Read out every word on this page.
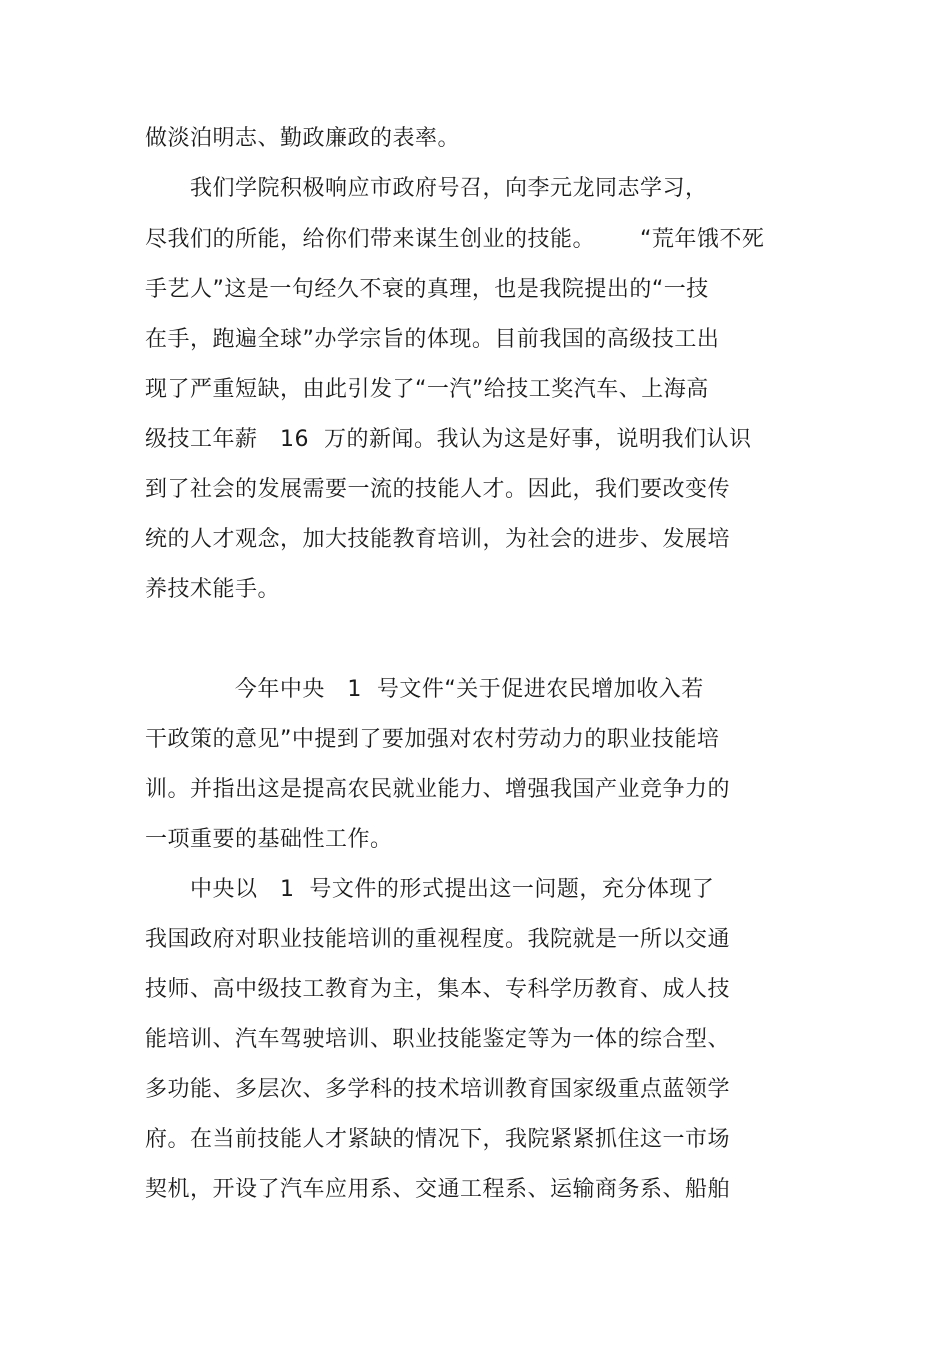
做淡泊明志、勤政廉政的表率。
我们学院积极响应市政府号召，向李元龙同志学习，
尽我们的所能，给你们带来谋生创业的技能。      “荒年饿不死
手艺人”这是一句经久不衰的真理，也是我院提出的“一技
在手，跑遍全球”办学宗旨的体现。目前我国的高级技工出
现了严重短缺，由此引发了“一汽”给技工奖汽车、上海高
级技工年薪   16  万的新闻。我认为这是好事，说明我们认识
到了社会的发展需要一流的技能人才。因此，我们要改变传
统的人才观念，加大技能教育培训，为社会的进步、发展培
养技术能手。
今年中央   1  号文件“关于促进农民增加收入若
干政策的意见”中提到了要加强对农村劳动力的职业技能培
训。并指出这是提高农民就业能力、增强我国产业竞争力的
一项重要的基础性工作。
中央以   1  号文件的形式提出这一问题，充分体现了
我国政府对职业技能培训的重视程度。我院就是一所以交通
技师、高中级技工教育为主，集本、专科学历教育、成人技
能培训、汽车驾驶培训、职业技能鉴定等为一体的综合型、
多功能、多层次、多学科的技术培训教育国家级重点蓝领学
府。在当前技能人才紧缺的情况下，我院紧紧抓住这一市场
契机，开设了汽车应用系、交通工程系、运输商务系、船舶
